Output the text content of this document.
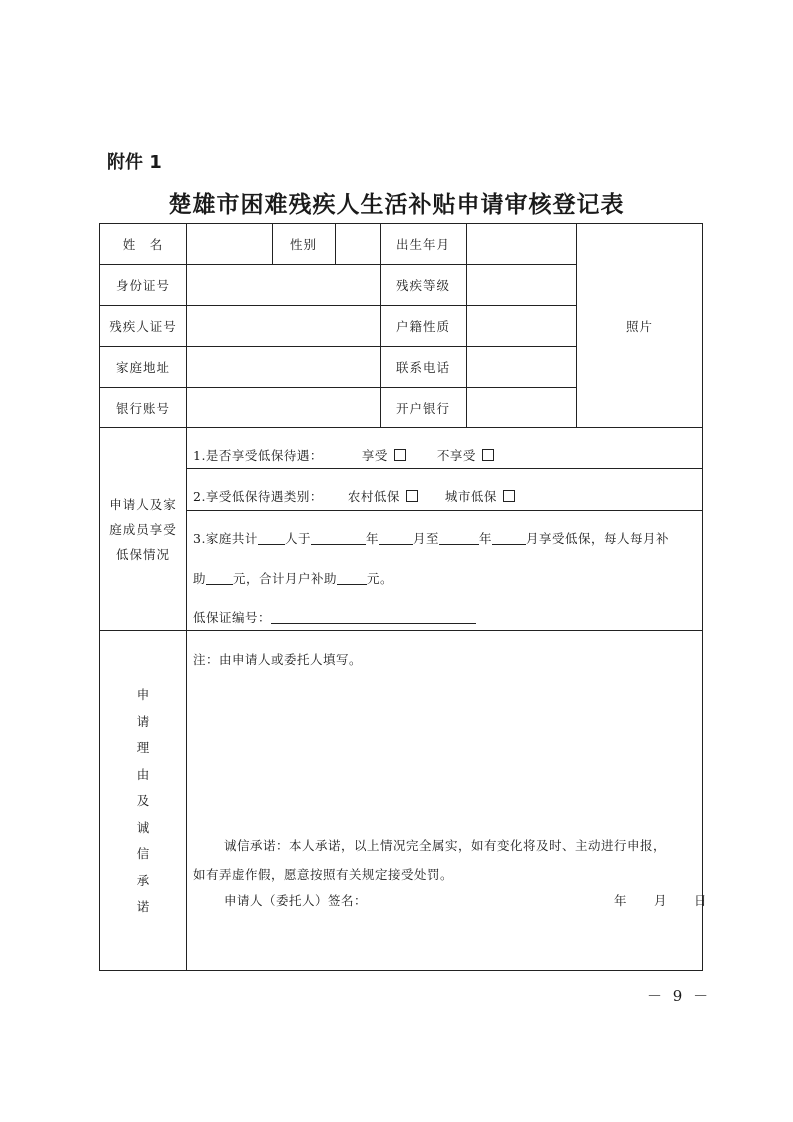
附件 1
楚雄市困难残疾人生活补贴申请审核登记表
姓　名	性别	出生年月
身份证号	残疾等级
残疾人证号	户籍性质
家庭地址	联系电话
银行账号	开户银行
照片
申请人及家
庭成员享受
低保情况
1.是否享受低保待遇：	享受	不享受
2.享受低保待遇类别： 农村低保	城市低保
3.家庭共计 人于	年	月至	年	月享受低保，每人每月补
助 元，合计月户补助 元。
低保证编号：
申
请
理
由
及
诚
信
承
诺
注：由申请人或委托人填写。
诚信承诺：本人承诺，以上情况完全属实，如有变化将及时、主动进行申报，
如有弄虚作假，愿意按照有关规定接受处罚。
申请人（委托人）签名：	年 月 日
－ 9 －
